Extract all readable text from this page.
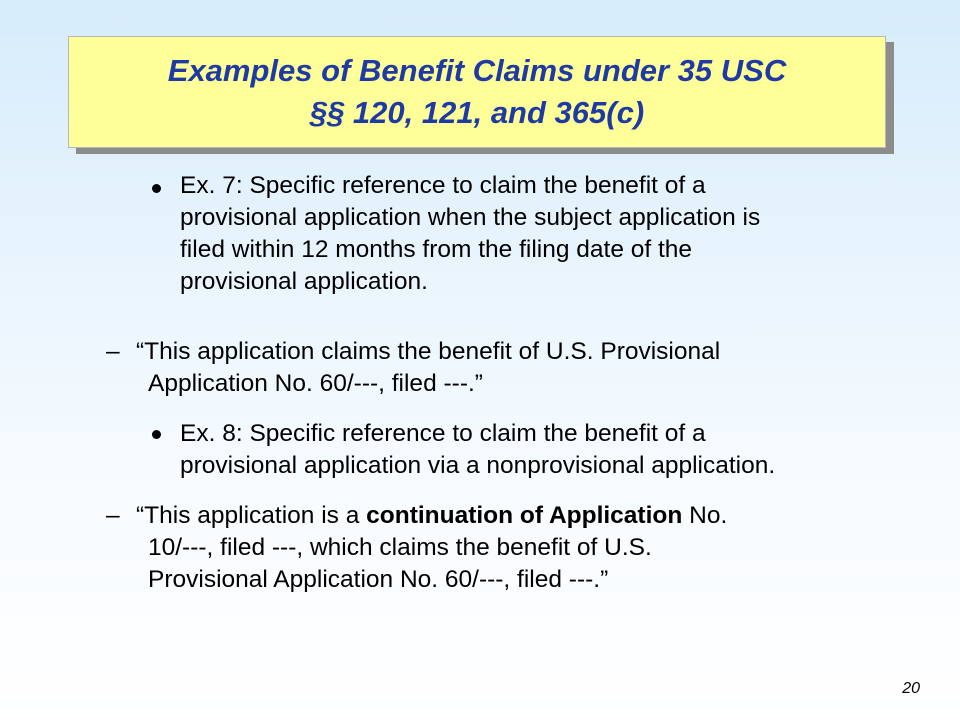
Examples of Benefit Claims under 35 USC
§§ 120, 121, and 365(c)
Ex. 7: Specific reference to claim the benefit of a
provisional application when the subject application is
filed within 12 months from the filing date of the
provisional application.
– “This application claims the benefit of U.S. Provisional
Application No. 60/---, filed ---.”
Ex. 8: Specific reference to claim the benefit of a
provisional application via a nonprovisional application.
– “This application is a continuation of Application No.
10/---, filed ---, which claims the benefit of U.S.
Provisional Application No. 60/---, filed ---.”
20
